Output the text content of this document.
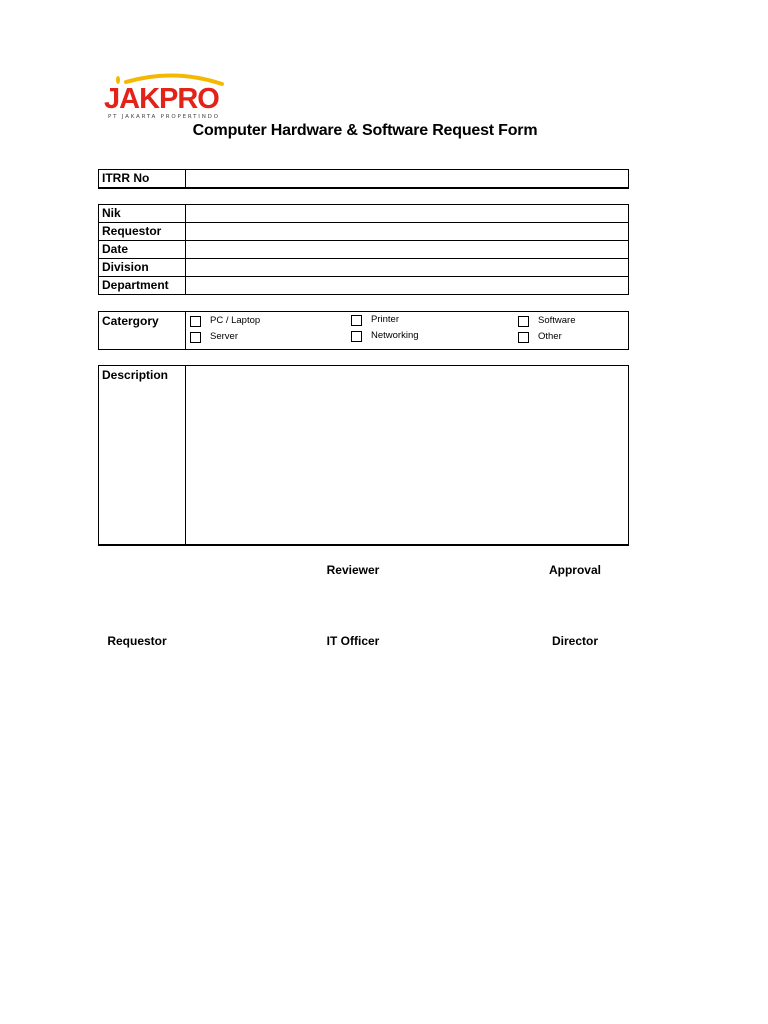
JAKPRO
PT JAKARTA PROPERTINDO
Computer Hardware & Software Request Form
ITRR No	
Nik	

Requestor	

Date	

Division	

Department	
Catergory	PC / Laptop
Server
Printer
Networking
Software
Other
Description	
Reviewer	Approval
Requestor	IT Officer	Director
